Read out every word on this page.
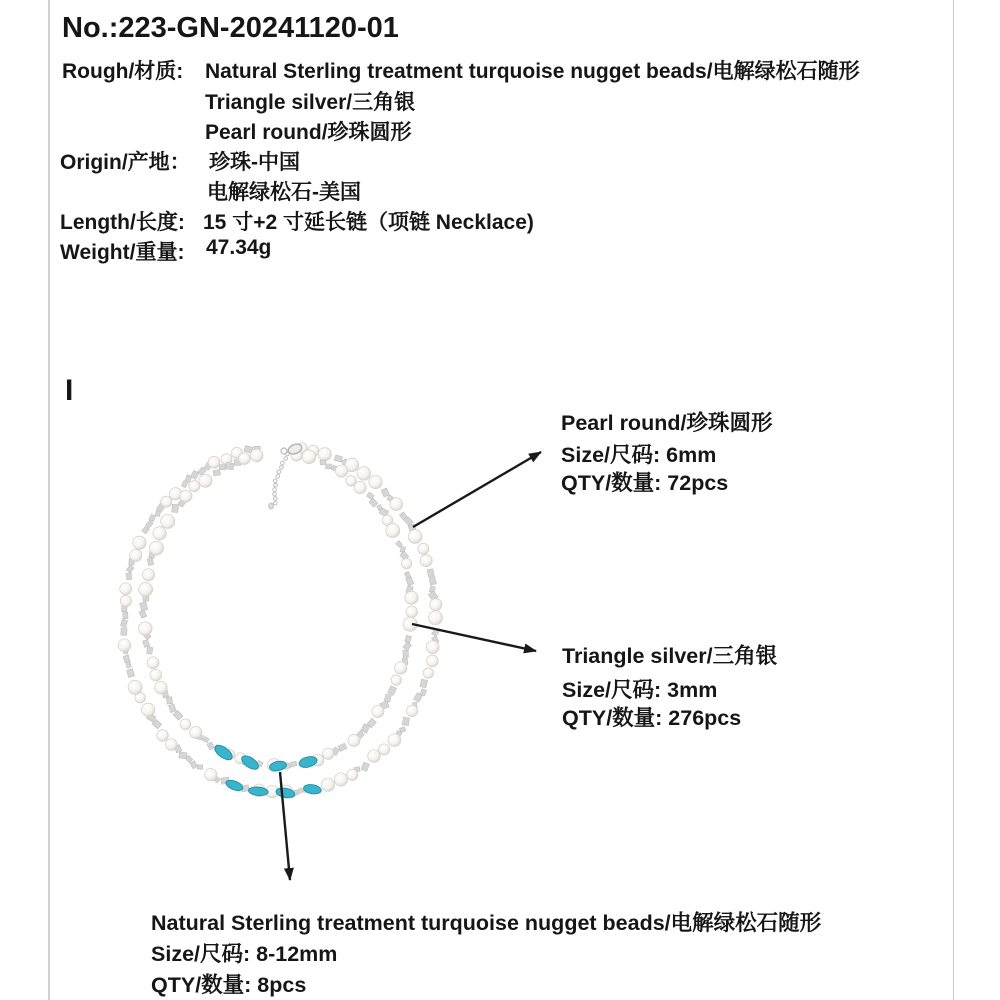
No.:223-GN-20241120-01
Rough/材质: Natural Sterling treatment turquoise nugget beads/电解绿松石随形
Triangle silver/三角银
Pearl round/珍珠圆形
Origin/产地： 珍珠-中国
电解绿松石-美国
Length/长度: 15 寸+2 寸延长链（项链 Necklace)
Weight/重量: 47.34g
I
Pearl round/珍珠圆形
Size/尺码: 6mm
QTY/数量: 72pcs
Triangle silver/三角银
Size/尺码: 3mm
QTY/数量: 276pcs
Natural Sterling treatment turquoise nugget beads/电解绿松石随形
Size/尺码: 8-12mm
QTY/数量: 8pcs
